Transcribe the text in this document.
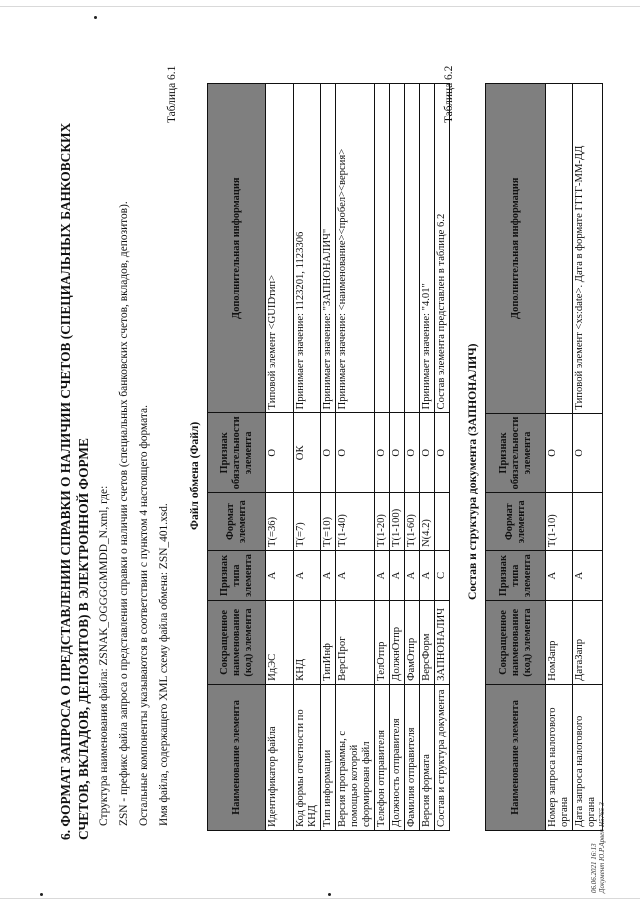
6. ФОРМАТ ЗАПРОСА О ПРЕДСТАВЛЕНИИ СПРАВКИ О НАЛИЧИИ СЧЕТОВ (СПЕЦИАЛЬНЫХ БАНКОВСКИХ СЧЕТОВ, ВКЛАДОВ, ДЕПОЗИТОВ) В ЭЛЕКТРОННОЙ ФОРМЕ Структура наименования файла: ZSNAK_OGGGGMMDD_N.xml, где: ZSN - префикс файла запроса о представлении справки о наличии счетов (специальных банковских счетов, вкладов, депозитов). Остальные компоненты указываются в соответствии с пунктом 4 настоящего формата. Имя файла, содержащего XML схему файла обмена: ZSN_401.xsd.
Таблица 6.1
Файл обмена (Файл)
Наименование элемента	Сокращенное наименование (код) элемента	Признак типа элемента	Формат элемента	Признак обязательности элемента	Дополнительная информация
Идентификатор файла	ИдЭС	А	T(=36)	О	Типовой элемент <GUIDтип>
Код формы отчетности по КНД	КНД	А	T(=7)	ОК	Принимает значение: 1123201, 1123306
Тип информации	ТипИнф	А	T(=10)	О	Принимает значение: "ЗАПНОНАЛИЧ"
Версия программы, с помощью которой сформирован файл	ВерсПрог	А	T(1-40)	О	Принимает значение: <наименование><пробел><версия>
Телефон отправителя	ТелОтпр	А	T(1-20)	О	
Должность отправителя	ДолжнОтпр	А	T(1-100)	О	
Фамилия отправителя	ФамОтпр	А	T(1-60)	О	
Версия формата	ВерсФорм	А	N(4.2)	О	Принимает значение: "4.01"
Состав и структура документа	ЗАПНОНАЛИЧ	С		О	Состав элемента представлен в таблице 6.2
Таблица 6.2
Состав и структура документа (ЗАПНОНАЛИЧ)
Наименование элемента	Сокращенное наименование (код) элемента	Признак типа элемента	Формат элемента	Признак обязательности элемента	Дополнительная информация
Номер запроса налогового органа	НомЗапр	А	T(1-10)	О	
Дата запроса налогового органа	ДатаЗапр	А		О	Типовой элемент <xs:date>. Дата в формате ГГГГ-ММ-ДД
06.06.2021 16:13 Документ Ю.Р.Арвен-Н5765-3
